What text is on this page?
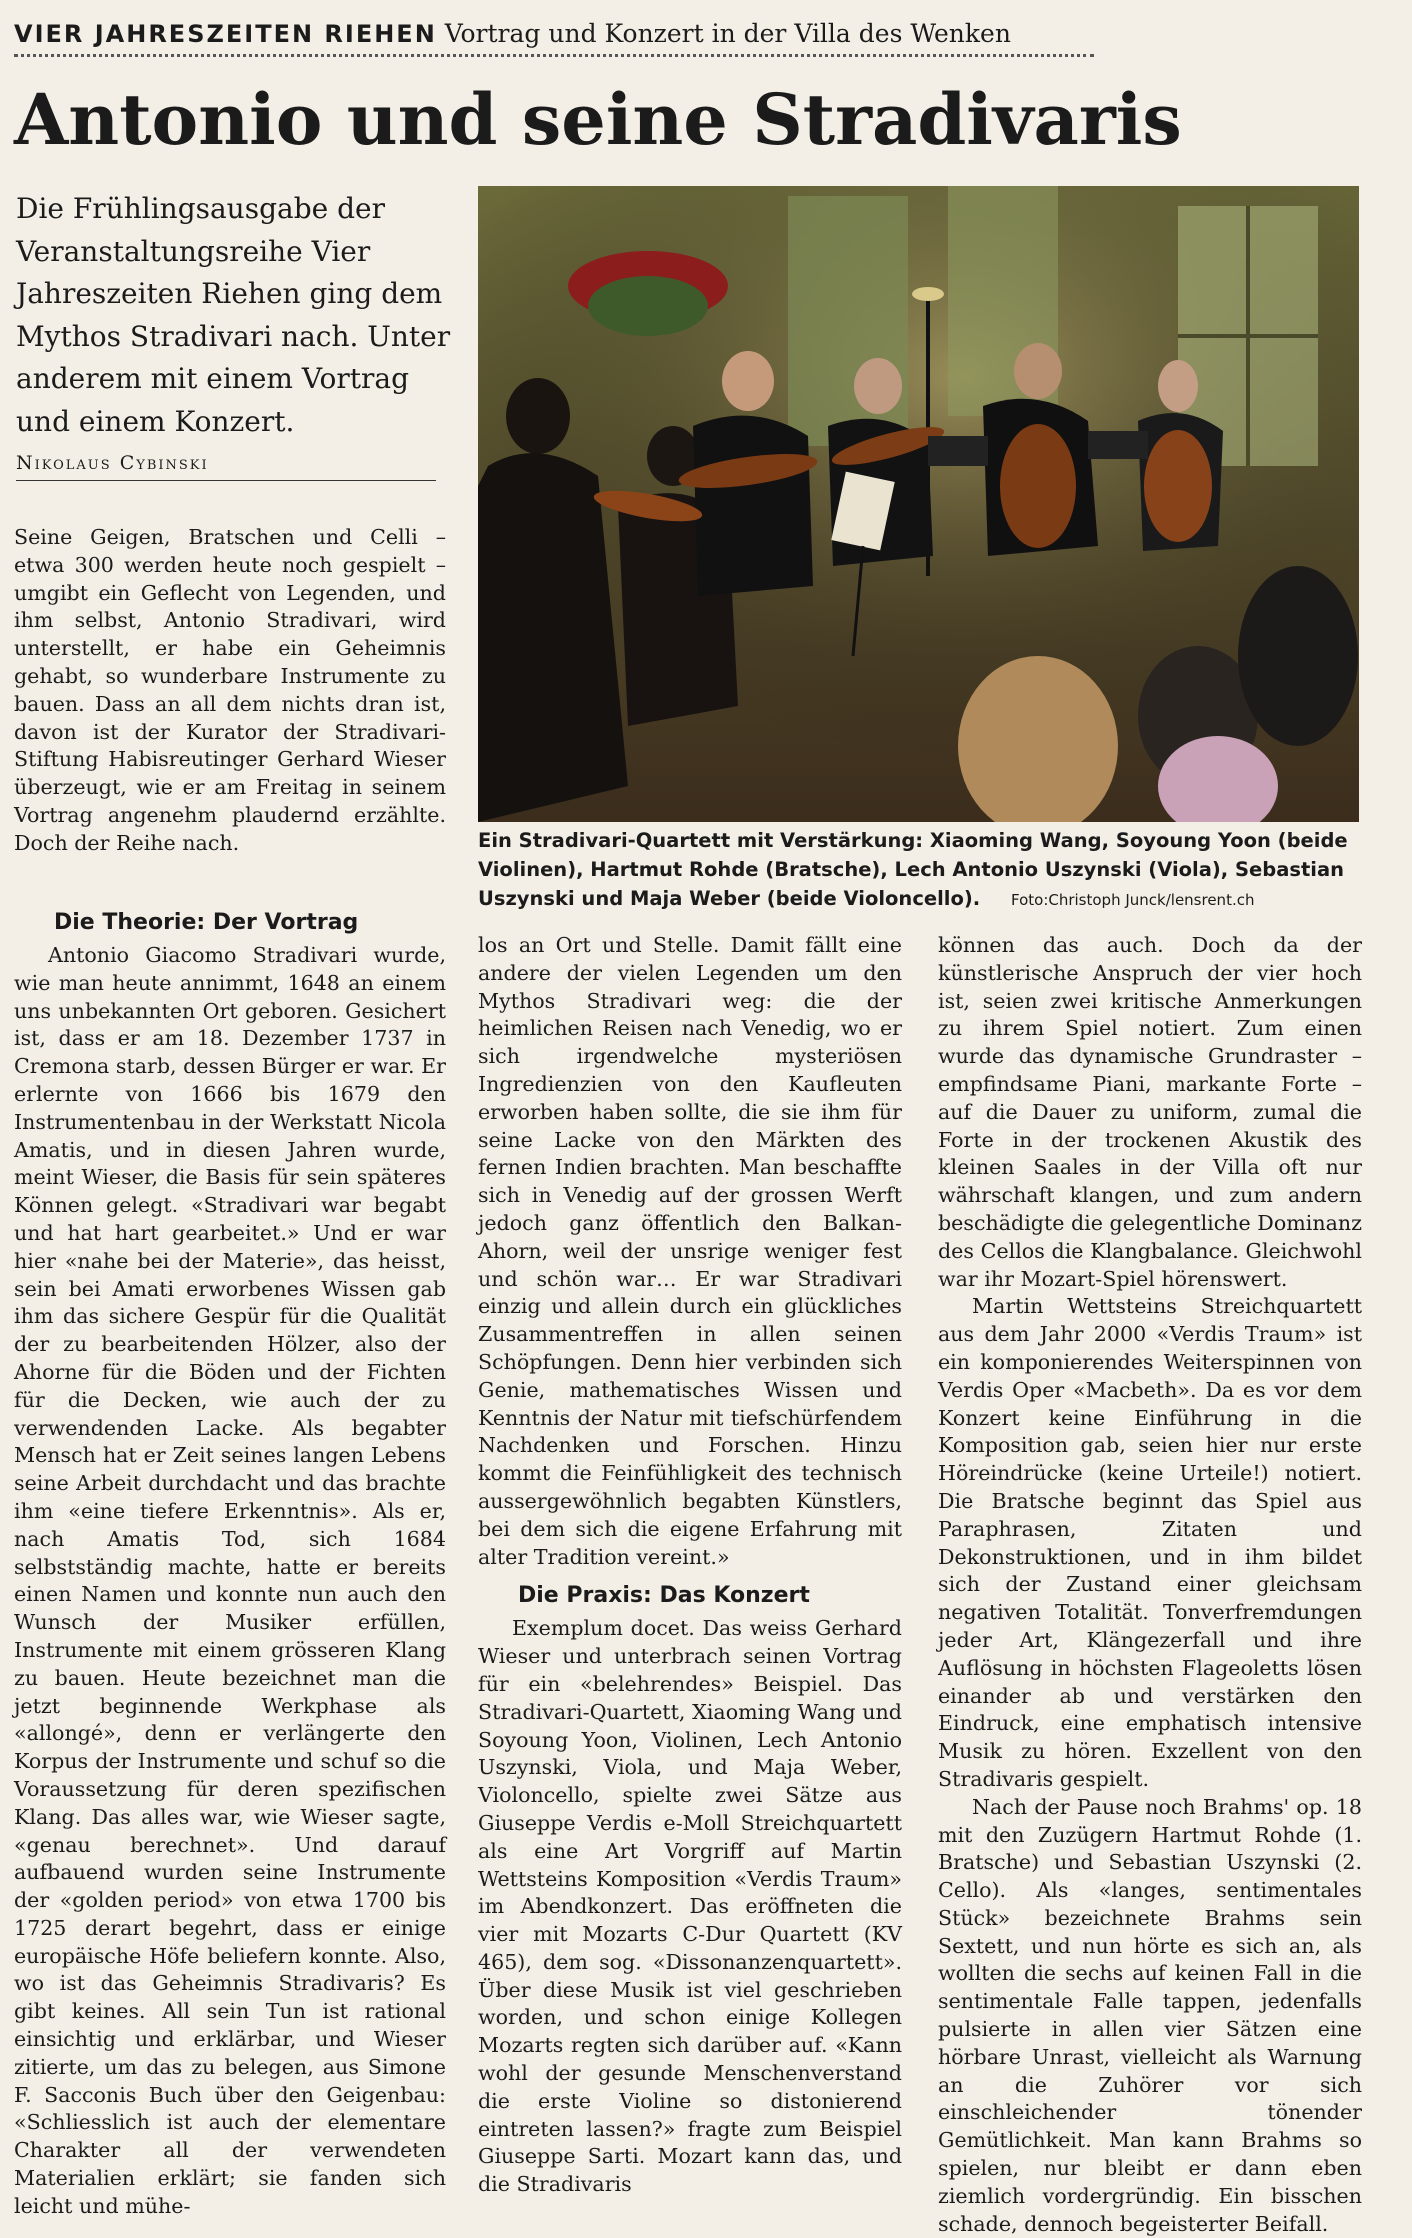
VIER JAHRESZEITEN RIEHEN Vortrag und Konzert in der Villa des Wenken
Antonio und seine Stradivaris
Die Frühlingsausgabe der Veranstaltungsreihe Vier Jahreszeiten Riehen ging dem Mythos Stradivari nach. Unter anderem mit einem Vortrag und einem Konzert.
Nikolaus Cybinski
Ein Stradivari-Quartett mit Verstärkung: Xiaoming Wang, Soyoung Yoon (beide Violinen), Hartmut Rohde (Bratsche), Lech Antonio Uszynski (Viola), Sebastian Uszynski und Maja Weber (beide Violoncello). Foto:Christoph Junck/lensrent.ch

Seine Geigen, Bratschen und Celli – etwa 300 werden heute noch gespielt – umgibt ein Geflecht von Legenden, und ihm selbst, Antonio Stradivari, wird unterstellt, er habe ein Geheimnis gehabt, so wunderbare Instrumente zu bauen. Dass an all dem nichts dran ist, davon ist der Kurator der Stradivari-Stiftung Habisreutinger Gerhard Wieser überzeugt, wie er am Freitag in seinem Vortrag angenehm plaudernd erzählte. Doch der Reihe nach.

Die Theorie: Der Vortrag

Antonio Giacomo Stradivari wurde, wie man heute annimmt, 1648 an einem uns unbekannten Ort geboren. Gesichert ist, dass er am 18. Dezember 1737 in Cremona starb, dessen Bürger er war. Er erlernte von 1666 bis 1679 den Instrumentenbau in der Werkstatt Nicola Amatis, und in diesen Jahren wurde, meint Wieser, die Basis für sein späteres Können gelegt. «Stradivari war begabt und hat hart gearbeitet.» Und er war hier «nahe bei der Materie», das heisst, sein bei Amati erworbenes Wissen gab ihm das sichere Gespür für die Qualität der zu bearbeitenden Hölzer, also der Ahorne für die Böden und der Fichten für die Decken, wie auch der zu verwendenden Lacke. Als begabter Mensch hat er Zeit seines langen Lebens seine Arbeit durchdacht und das brachte ihm «eine tiefere Erkenntnis». Als er, nach Amatis Tod, sich 1684 selbstständig machte, hatte er bereits einen Namen und konnte nun auch den Wunsch der Musiker erfüllen, Instrumente mit einem grösseren Klang zu bauen. Heute bezeichnet man die jetzt beginnende Werkphase als «allongé», denn er verlängerte den Korpus der Instrumente und schuf so die Voraussetzung für deren spezifischen Klang. Das alles war, wie Wieser sagte, «genau berechnet». Und darauf aufbauend wurden seine Instrumente der «golden period» von etwa 1700 bis 1725 derart begehrt, dass er einige europäische Höfe beliefern konnte. Also, wo ist das Geheimnis Stradivaris? Es gibt keines. All sein Tun ist rational einsichtig und erklärbar, und Wieser zitierte, um das zu belegen, aus Simone F. Sacconis Buch über den Geigenbau: «Schliesslich ist auch der elementare Charakter all der verwendeten Materialien erklärt; sie fanden sich leicht und mühe-

los an Ort und Stelle. Damit fällt eine andere der vielen Legenden um den Mythos Stradivari weg: die der heimlichen Reisen nach Venedig, wo er sich irgendwelche mysteriösen Ingredienzien von den Kaufleuten erworben haben sollte, die sie ihm für seine Lacke von den Märkten des fernen Indien brachten. Man beschaffte sich in Venedig auf der grossen Werft jedoch ganz öffentlich den Balkan-Ahorn, weil der unsrige weniger fest und schön war… Er war Stradivari einzig und allein durch ein glückliches Zusammentreffen in allen seinen Schöpfungen. Denn hier verbinden sich Genie, mathematisches Wissen und Kenntnis der Natur mit tiefschürfendem Nachdenken und Forschen. Hinzu kommt die Feinfühligkeit des technisch aussergewöhnlich begabten Künstlers, bei dem sich die eigene Erfahrung mit alter Tradition vereint.»

Die Praxis: Das Konzert

Exemplum docet. Das weiss Gerhard Wieser und unterbrach seinen Vortrag für ein «belehrendes» Beispiel. Das Stradivari-Quartett, Xiaoming Wang und Soyoung Yoon, Violinen, Lech Antonio Uszynski, Viola, und Maja Weber, Violoncello, spielte zwei Sätze aus Giuseppe Verdis e-Moll Streichquartett als eine Art Vorgriff auf Martin Wettsteins Komposition «Verdis Traum» im Abendkonzert. Das eröffneten die vier mit Mozarts C-Dur Quartett (KV 465), dem sog. «Dissonanzenquartett». Über diese Musik ist viel geschrieben worden, und schon einige Kollegen Mozarts regten sich darüber auf. «Kann wohl der gesunde Menschenverstand die erste Violine so distonierend eintreten lassen?» fragte zum Beispiel Giuseppe Sarti. Mozart kann das, und die Stradivaris

können das auch. Doch da der künstlerische Anspruch der vier hoch ist, seien zwei kritische Anmerkungen zu ihrem Spiel notiert. Zum einen wurde das dynamische Grundraster – empfindsame Piani, markante Forte – auf die Dauer zu uniform, zumal die Forte in der trockenen Akustik des kleinen Saales in der Villa oft nur währschaft klangen, und zum andern beschädigte die gelegentliche Dominanz des Cellos die Klangbalance. Gleichwohl war ihr Mozart-Spiel hörenswert.

Martin Wettsteins Streichquartett aus dem Jahr 2000 «Verdis Traum» ist ein komponierendes Weiterspinnen von Verdis Oper «Macbeth». Da es vor dem Konzert keine Einführung in die Komposition gab, seien hier nur erste Höreindrücke (keine Urteile!) notiert. Die Bratsche beginnt das Spiel aus Paraphrasen, Zitaten und Dekonstruktionen, und in ihm bildet sich der Zustand einer gleichsam negativen Totalität. Tonverfremdungen jeder Art, Klängezerfall und ihre Auflösung in höchsten Flageoletts lösen einander ab und verstärken den Eindruck, eine emphatisch intensive Musik zu hören. Exzellent von den Stradivaris gespielt.

Nach der Pause noch Brahms' op. 18 mit den Zuzügern Hartmut Rohde (1. Bratsche) und Sebastian Uszynski (2. Cello). Als «langes, sentimentales Stück» bezeichnete Brahms sein Sextett, und nun hörte es sich an, als wollten die sechs auf keinen Fall in die sentimentale Falle tappen, jedenfalls pulsierte in allen vier Sätzen eine hörbare Unrast, vielleicht als Warnung an die Zuhörer vor sich einschleichender tönender Gemütlichkeit. Man kann Brahms so spielen, nur bleibt er dann eben ziemlich vordergründig. Ein bisschen schade, dennoch begeisterter Beifall.
